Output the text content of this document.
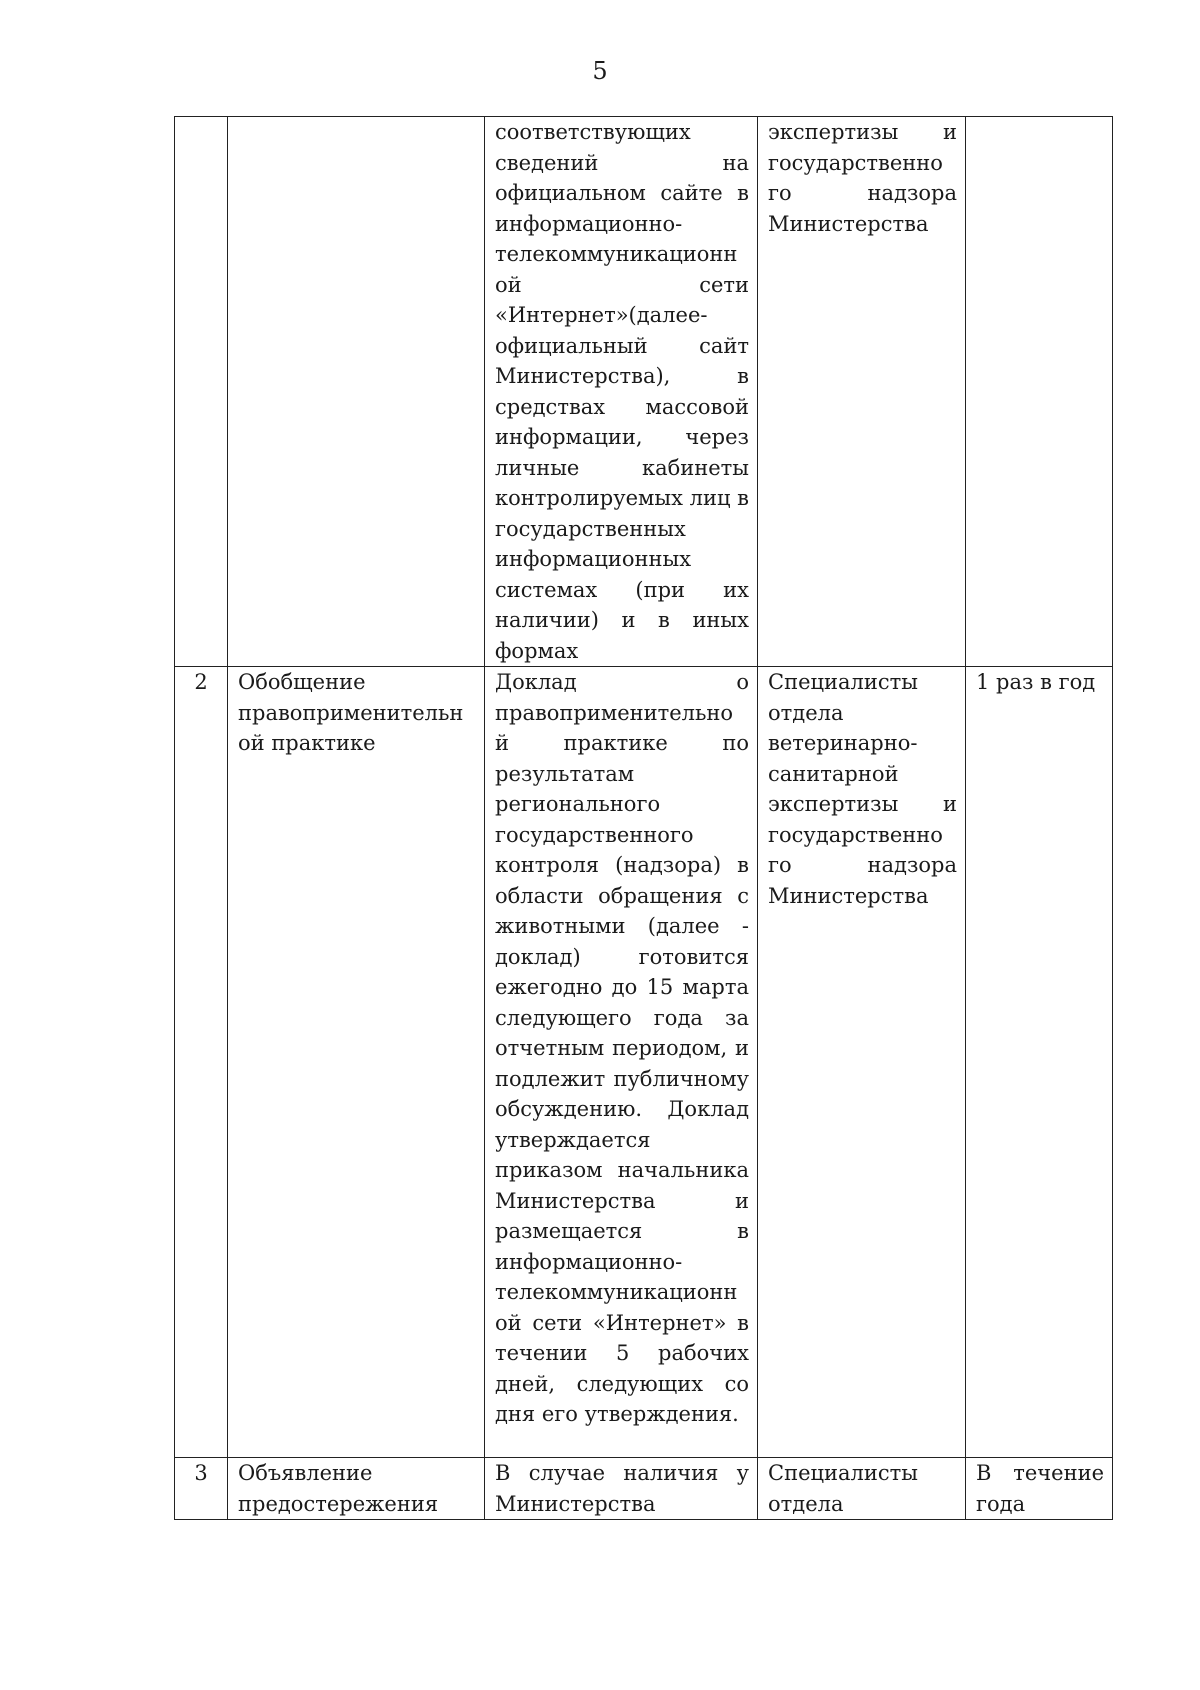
5

		соответствующих сведений на официальном сайте в информационно-телекоммуникационн ой сети «Интернет»(далее- официальный сайт Министерства), в средствах массовой информации, через личные кабинеты контролируемых лиц в государственных информационных системах (при их наличии) и в иных формах	экспертизы и государственно го надзора Министерства	

2	Обобщение правоприменительн ой практике	Доклад о правоприменительно й практике по результатам регионального государственного контроля (надзора) в области обращения с животными (далее - доклад) готовится ежегодно до 15 марта следующего года за отчетным периодом, и подлежит публичному обсуждению. Доклад утверждается приказом начальника Министерства и размещается в информационно-телекоммуникационн ой сети «Интернет» в течении 5 рабочих дней, следующих со дня его утверждения.	Специалисты отдела ветеринарно-санитарной экспертизы и государственно го надзора Министерства	1 раз в год

3	Объявление предостережения	В случае наличия у Министерства	Специалисты отдела	В течение года
